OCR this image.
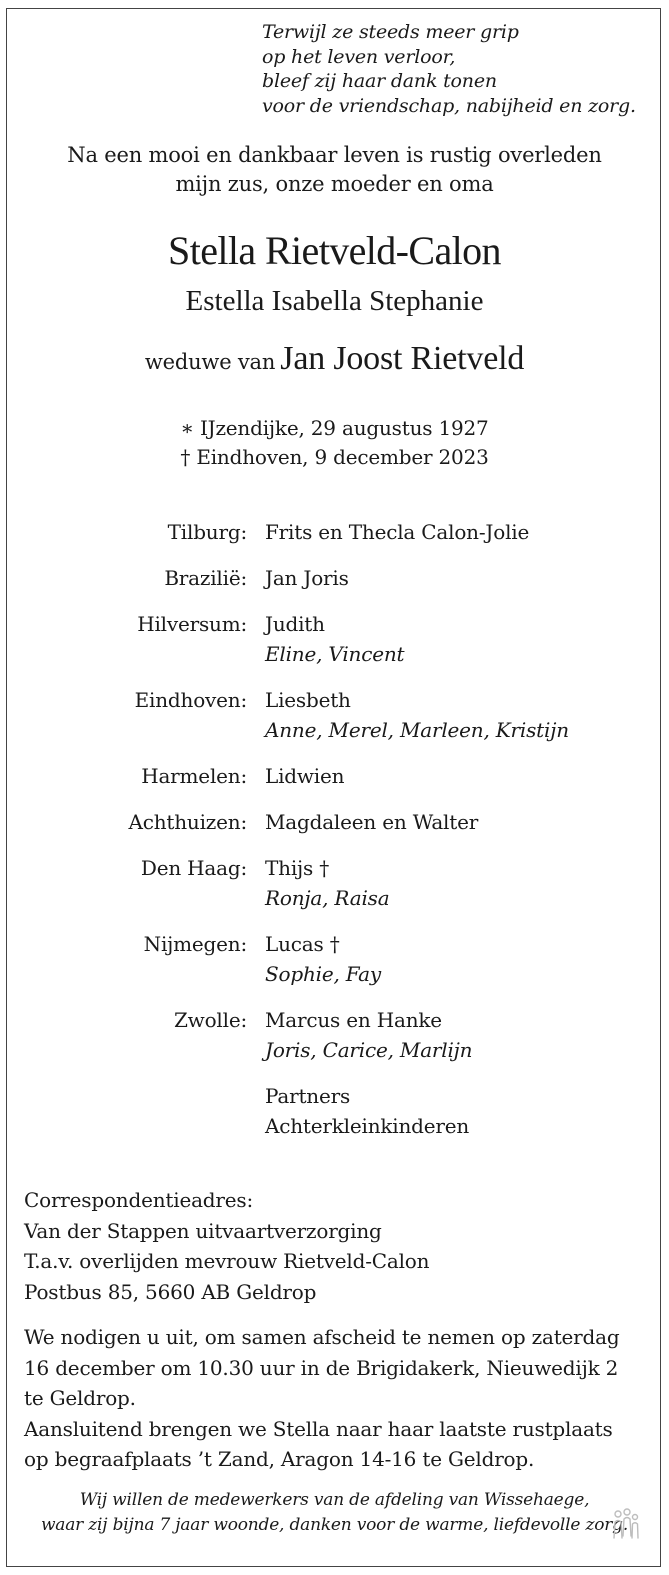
Terwijl ze steeds meer grip
op het leven verloor,
bleef zij haar dank tonen
voor de vriendschap, nabijheid en zorg.
Na een mooi en dankbaar leven is rustig overleden
mijn zus, onze moeder en oma
Stella Rietveld-Calon
Estella Isabella Stephanie
weduwe van Jan Joost Rietveld
∗ IJzendijke, 29 augustus 1927
† Eindhoven, 9 december 2023
Tilburg: Frits en Thecla Calon-Jolie
Brazilië: Jan Joris
Hilversum: Judith
Eline, Vincent
Eindhoven: Liesbeth
Anne, Merel, Marleen, Kristijn
Harmelen: Lidwien
Achthuizen: Magdaleen en Walter
Den Haag: Thijs †
Ronja, Raisa
Nijmegen: Lucas †
Sophie, Fay
Zwolle: Marcus en Hanke
Joris, Carice, Marlijn
Partners
Achterkleinkinderen
Correspondentieadres:
Van der Stappen uitvaartverzorging
T.a.v. overlijden mevrouw Rietveld-Calon
Postbus 85, 5660 AB Geldrop
We nodigen u uit, om samen afscheid te nemen op zaterdag
16 december om 10.30 uur in de Brigidakerk, Nieuwedijk 2
te Geldrop.
Aansluitend brengen we Stella naar haar laatste rustplaats
op begraafplaats ’t Zand, Aragon 14-16 te Geldrop.
Wij willen de medewerkers van de afdeling van Wissehaege,
waar zij bijna 7 jaar woonde, danken voor de warme, liefdevolle zorg.
